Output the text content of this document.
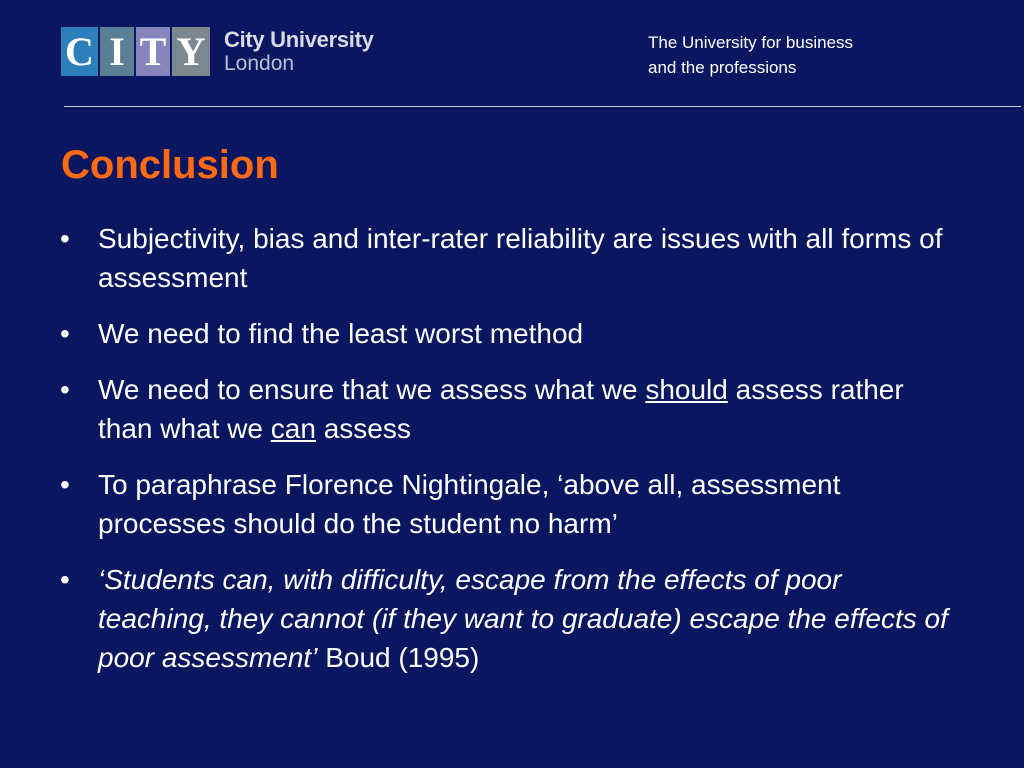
C I T Y City University
London
The University for business
and the professions
Conclusion
• Subjectivity, bias and inter-rater reliability are issues with all forms of assessment
• We need to find the least worst method
• We need to ensure that we assess what we should assess rather than what we can assess
• To paraphrase Florence Nightingale, ‘above all, assessment processes should do the student no harm’
• ‘Students can, with difficulty, escape from the effects of poor teaching, they cannot (if they want to graduate) escape the effects of poor assessment’ Boud (1995)
